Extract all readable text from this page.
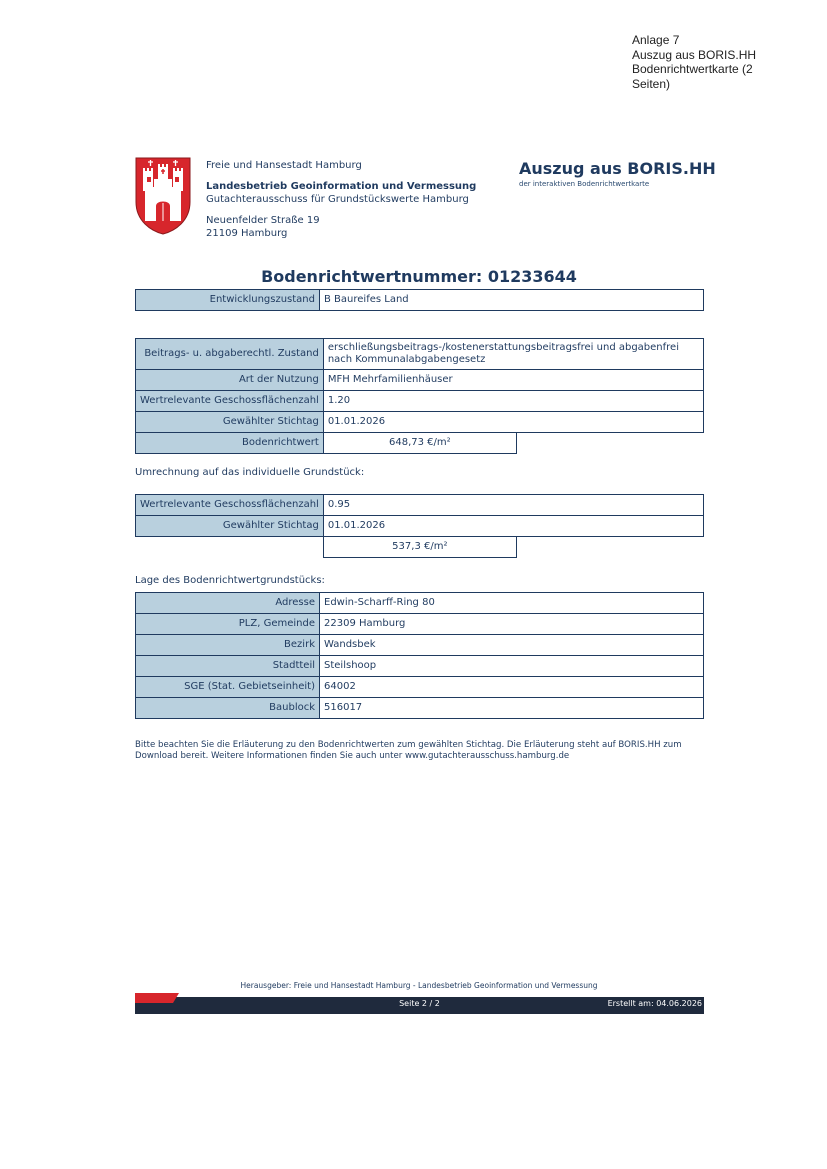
Anlage 7
Auszug aus BORIS.HH
Bodenrichtwertkarte (2
Seiten)
Freie und Hansestadt Hamburg
Landesbetrieb Geoinformation und Vermessung
Gutachterausschuss für Grundstückswerte Hamburg
Neuenfelder Straße 19
21109 Hamburg
Auszug aus BORIS.HH
der interaktiven Bodenrichtwertkarte
Bodenrichtwertnummer: 01233644
Entwicklungszustand	B Baureifes Land
Beitrags- u. abgaberechtl. Zustand	erschließungsbeitrags-/kostenerstattungsbeitragsfrei und abgabenfrei
nach Kommunalabgabengesetz	

Art der Nutzung	MFH Mehrfamilienhäuser	
Wertrelevante Geschossflächenzahl	1.20	
Gewählter Stichtag	01.01.2026	
Bodenrichtwert	648,73 €/m²	
Umrechnung auf das individuelle Grundstück:
Wertrelevante Geschossflächenzahl	0.95	
Gewählter Stichtag	01.01.2026	
	537,3 €/m²	
Lage des Bodenrichtwertgrundstücks:
Adresse	Edwin-Scharff-Ring 80
PLZ, Gemeinde	22309 Hamburg
Bezirk	Wandsbek
Stadtteil	Steilshoop
SGE (Stat. Gebietseinheit)	64002
Baublock	516017
Bitte beachten Sie die Erläuterung zu den Bodenrichtwerten zum gewählten Stichtag. Die Erläuterung steht auf BORIS.HH zum Download bereit. Weitere Informationen finden Sie auch unter www.gutachterausschuss.hamburg.de
Herausgeber: Freie und Hansestadt Hamburg - Landesbetrieb Geoinformation und Vermessung
Seite 2 / 2	Erstellt am: 04.06.2026
